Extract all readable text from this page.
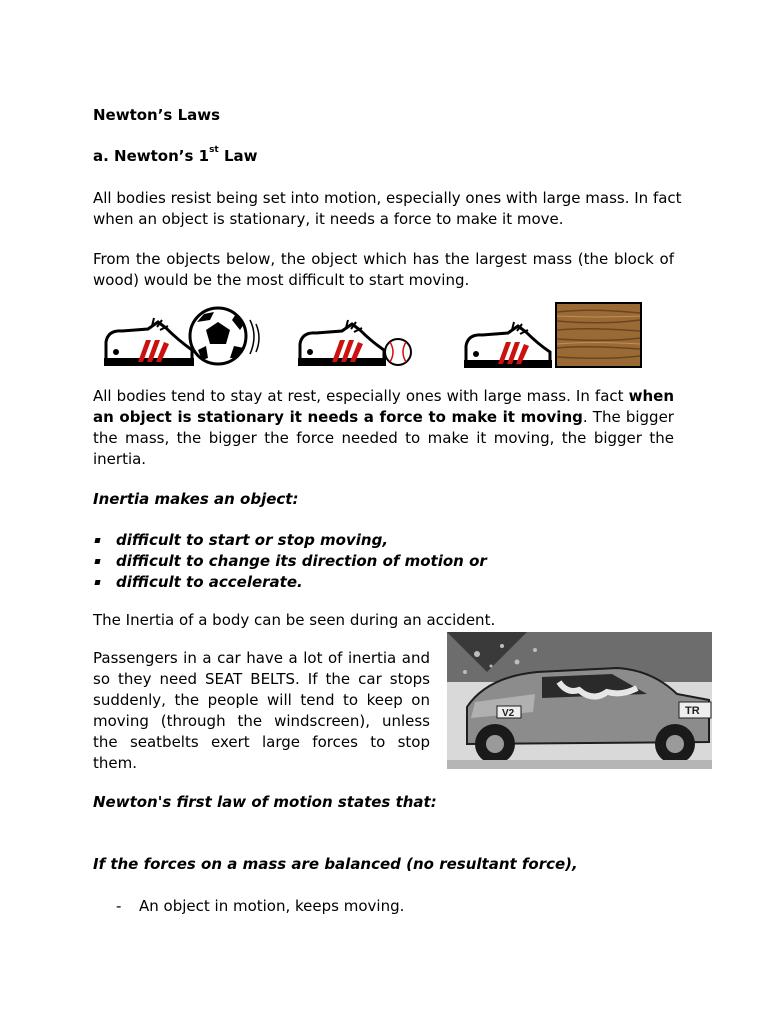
Newton’s Laws

a. Newton’s 1st Law

All bodies resist being set into motion, especially ones with large mass. In fact when an object is stationary, it needs a force to make it move.

From the objects below, the object which has the largest mass (the block of wood) would be the most difficult to start moving.

All bodies tend to stay at rest, especially ones with large mass. In fact when an object is stationary it needs a force to make it moving. The bigger the mass, the bigger the force needed to make it moving, the bigger the inertia.

Inertia makes an object:

difficult to start or stop moving,
difficult to change its direction of motion or
difficult to accelerate.

The Inertia of a body can be seen during an accident.

Passengers in a car have a lot of inertia and so they need SEAT BELTS. If the car stops suddenly, the people will tend to keep on moving (through the windscreen), unless the seatbelts exert large forces to stop them.

V2	TR

Newton's first law of motion states that:

If the forces on a mass are balanced (no resultant force),

- An object in motion, keeps moving.
